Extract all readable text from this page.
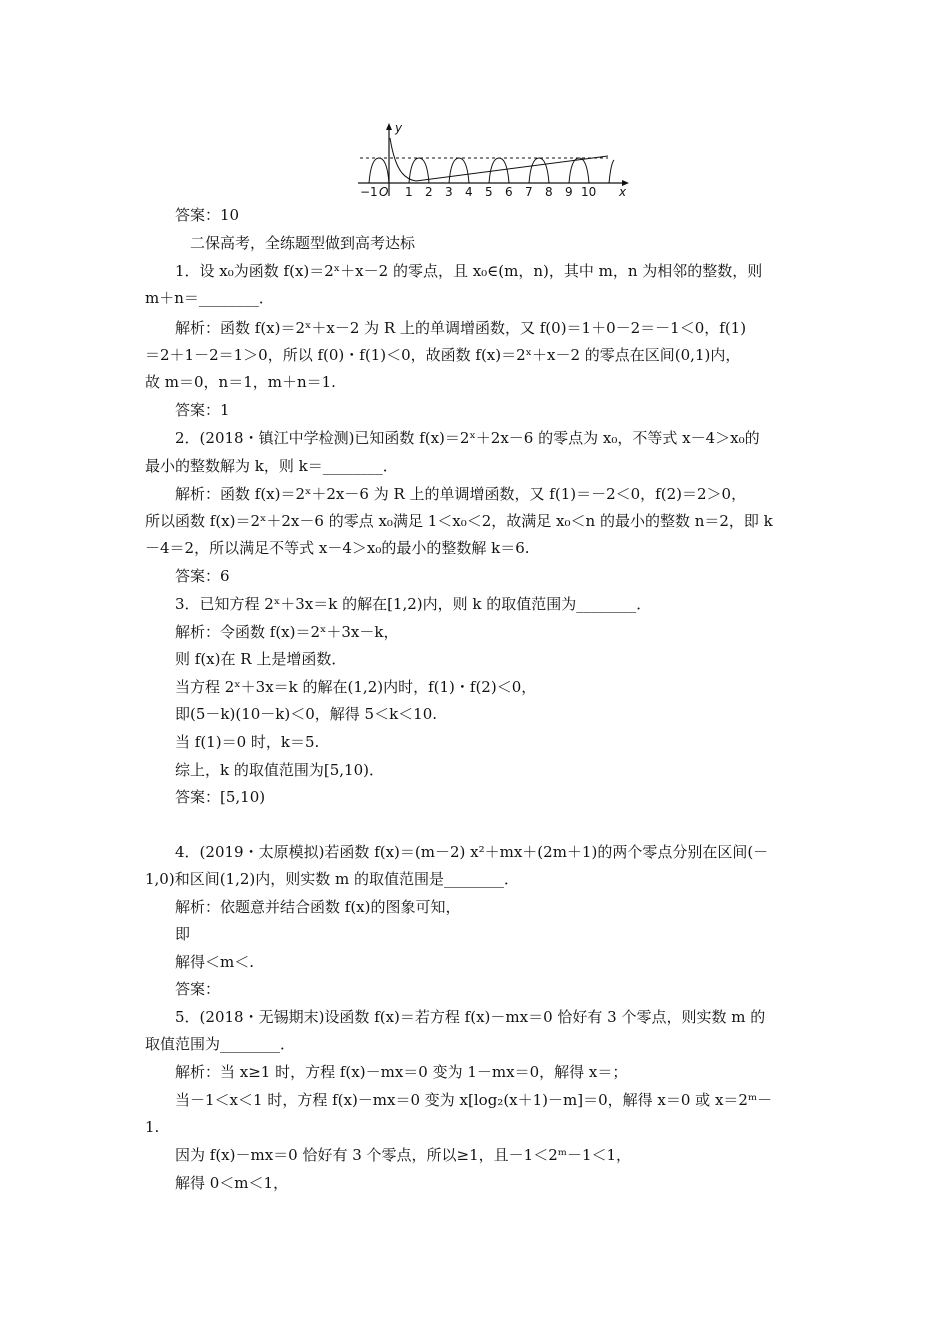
−1 O 1 2 3 4 5 6 7 8 9 10 x
y
答案：10
二保高考，全练题型做到高考达标
1．设 x₀为函数 f(x)＝2ˣ＋x－2 的零点，且 x₀∈(m，n)，其中 m，n 为相邻的整数，则
m＋n＝________．
解析：函数 f(x)＝2ˣ＋x－2 为 R 上的单调增函数，又 f(0)＝1＋0－2＝－1＜0，f(1)
＝2＋1－2＝1＞0，所以 f(0)・f(1)＜0，故函数 f(x)＝2ˣ＋x－2 的零点在区间(0,1)内，
故 m＝0，n＝1，m＋n＝1.
答案：1
2．(2018・镇江中学检测)已知函数 f(x)＝2ˣ＋2x－6 的零点为 x₀，不等式 x－4＞x₀的
最小的整数解为 k，则 k＝________．
解析：函数 f(x)＝2ˣ＋2x－6 为 R 上的单调增函数，又 f(1)＝－2＜0，f(2)＝2＞0，
所以函数 f(x)＝2ˣ＋2x－6 的零点 x₀满足 1＜x₀＜2，故满足 x₀＜n 的最小的整数 n＝2，即 k
－4＝2，所以满足不等式 x－4＞x₀的最小的整数解 k＝6.
答案：6
3．已知方程 2ˣ＋3x＝k 的解在[1,2)内，则 k 的取值范围为________．
解析：令函数 f(x)＝2ˣ＋3x－k，
则 f(x)在 R 上是增函数．
当方程 2ˣ＋3x＝k 的解在(1,2)内时，f(1)・f(2)＜0，
即(5－k)(10－k)＜0，解得 5＜k＜10.
当 f(1)＝0 时，k＝5.
综上，k 的取值范围为[5,10)．
答案：[5,10)
4．(2019・太原模拟)若函数 f(x)＝(m－2) x²＋mx＋(2m＋1)的两个零点分别在区间(－
1,0)和区间(1,2)内，则实数 m 的取值范围是________．
解析：依题意并结合函数 f(x)的图象可知，
即
解得＜m＜.
答案：
5．(2018・无锡期末)设函数 f(x)＝若方程 f(x)－mx＝0 恰好有 3 个零点，则实数 m 的
取值范围为________．
解析：当 x≥1 时，方程 f(x)－mx＝0 变为 1－mx＝0，解得 x＝；
当－1＜x＜1 时，方程 f(x)－mx＝0 变为 x[log₂(x＋1)－m]＝0，解得 x＝0 或 x＝2ᵐ－
1.
因为 f(x)－mx＝0 恰好有 3 个零点，所以≥1，且－1＜2ᵐ－1＜1，
解得 0＜m＜1，
